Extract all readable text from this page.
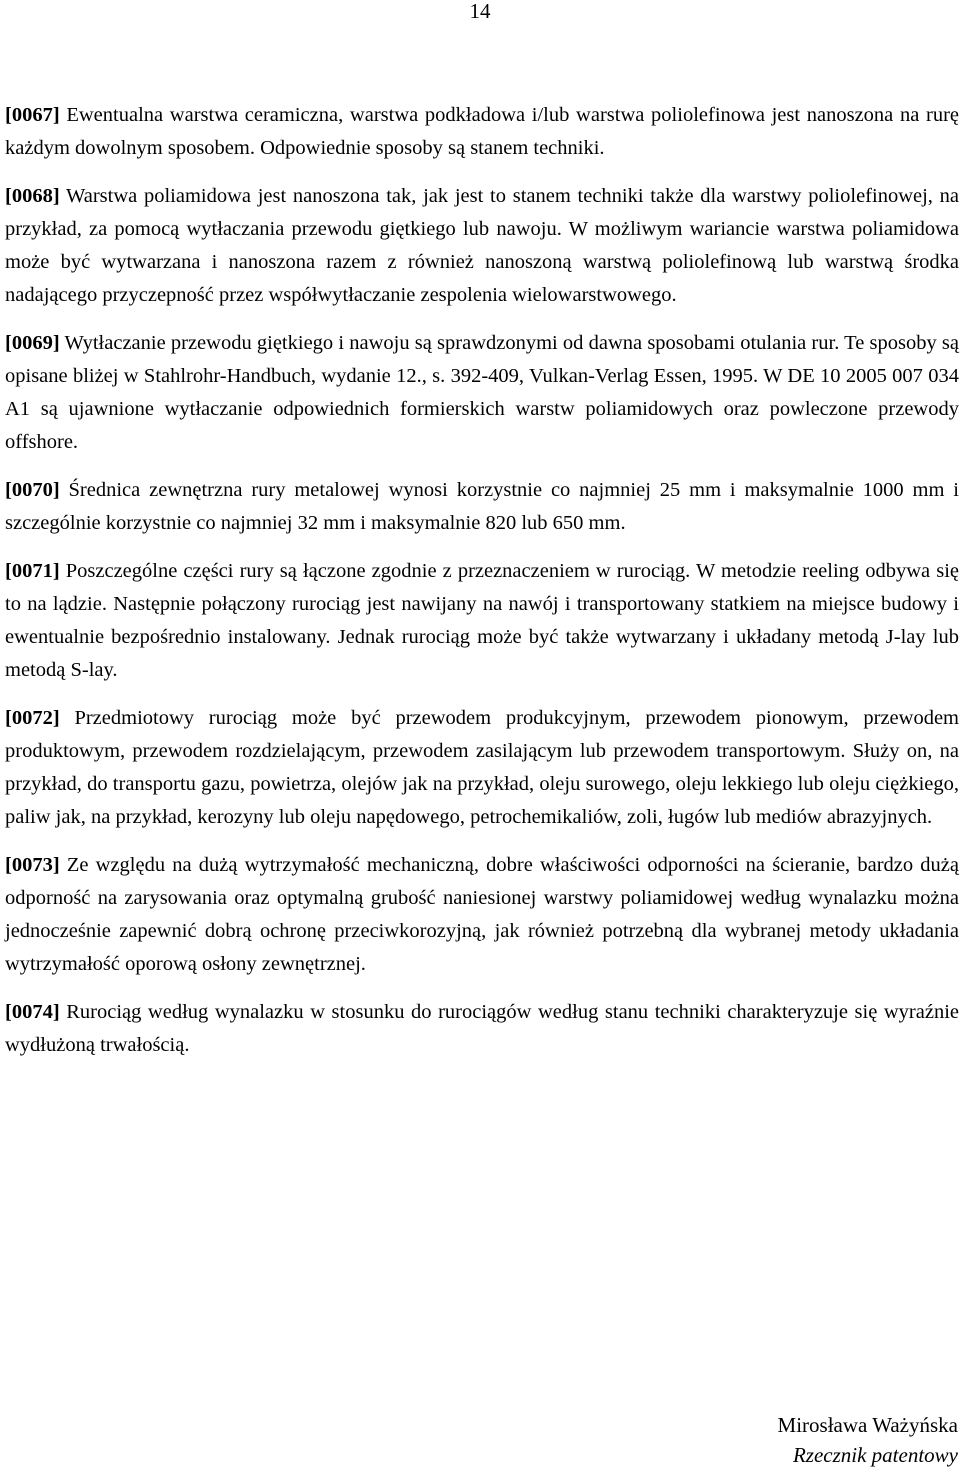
14

[0067] Ewentualna warstwa ceramiczna, warstwa podkładowa i/lub warstwa poliolefinowa jest nanoszona na rurę każdym dowolnym sposobem. Odpowiednie sposoby są stanem techniki.

[0068] Warstwa poliamidowa jest nanoszona tak, jak jest to stanem techniki także dla warstwy poliolefinowej, na przykład, za pomocą wytłaczania przewodu giętkiego lub nawoju. W możliwym wariancie warstwa poliamidowa może być wytwarzana i nanoszona razem z również nanoszoną warstwą poliolefinową lub warstwą środka nadającego przyczepność przez współwytłaczanie zespolenia wielowarstwowego.

[0069] Wytłaczanie przewodu giętkiego i nawoju są sprawdzonymi od dawna sposobami otulania rur. Te sposoby są opisane bliżej w Stahlrohr-Handbuch, wydanie 12., s. 392-409, Vulkan-Verlag Essen, 1995. W DE 10 2005 007 034 A1 są ujawnione wytłaczanie odpowiednich formierskich warstw poliamidowych oraz powleczone przewody offshore.

[0070] Średnica zewnętrzna rury metalowej wynosi korzystnie co najmniej 25 mm i maksymalnie 1000 mm i szczególnie korzystnie co najmniej 32 mm i maksymalnie 820 lub 650 mm.

[0071] Poszczególne części rury są łączone zgodnie z przeznaczeniem w rurociąg. W metodzie reeling odbywa się to na lądzie. Następnie połączony rurociąg jest nawijany na nawój i transportowany statkiem na miejsce budowy i ewentualnie bezpośrednio instalowany. Jednak rurociąg może być także wytwarzany i układany metodą J-lay lub metodą S-lay.

[0072] Przedmiotowy rurociąg może być przewodem produkcyjnym, przewodem pionowym, przewodem produktowym, przewodem rozdzielającym, przewodem zasilającym lub przewodem transportowym. Służy on, na przykład, do transportu gazu, powietrza, olejów jak na przykład, oleju surowego, oleju lekkiego lub oleju ciężkiego, paliw jak, na przykład, kerozyny lub oleju napędowego, petrochemikaliów, zoli, ługów lub mediów abrazyjnych.

[0073] Ze względu na dużą wytrzymałość mechaniczną, dobre właściwości odporności na ścieranie, bardzo dużą odporność na zarysowania oraz optymalną grubość naniesionej warstwy poliamidowej według wynalazku można jednocześnie zapewnić dobrą ochronę przeciwkorozyjną, jak również potrzebną dla wybranej metody układania wytrzymałość oporową osłony zewnętrznej.

[0074] Rurociąg według wynalazku w stosunku do rurociągów według stanu techniki charakteryzuje się wyraźnie wydłużoną trwałością.

Mirosława Ważyńska
Rzecznik patentowy
